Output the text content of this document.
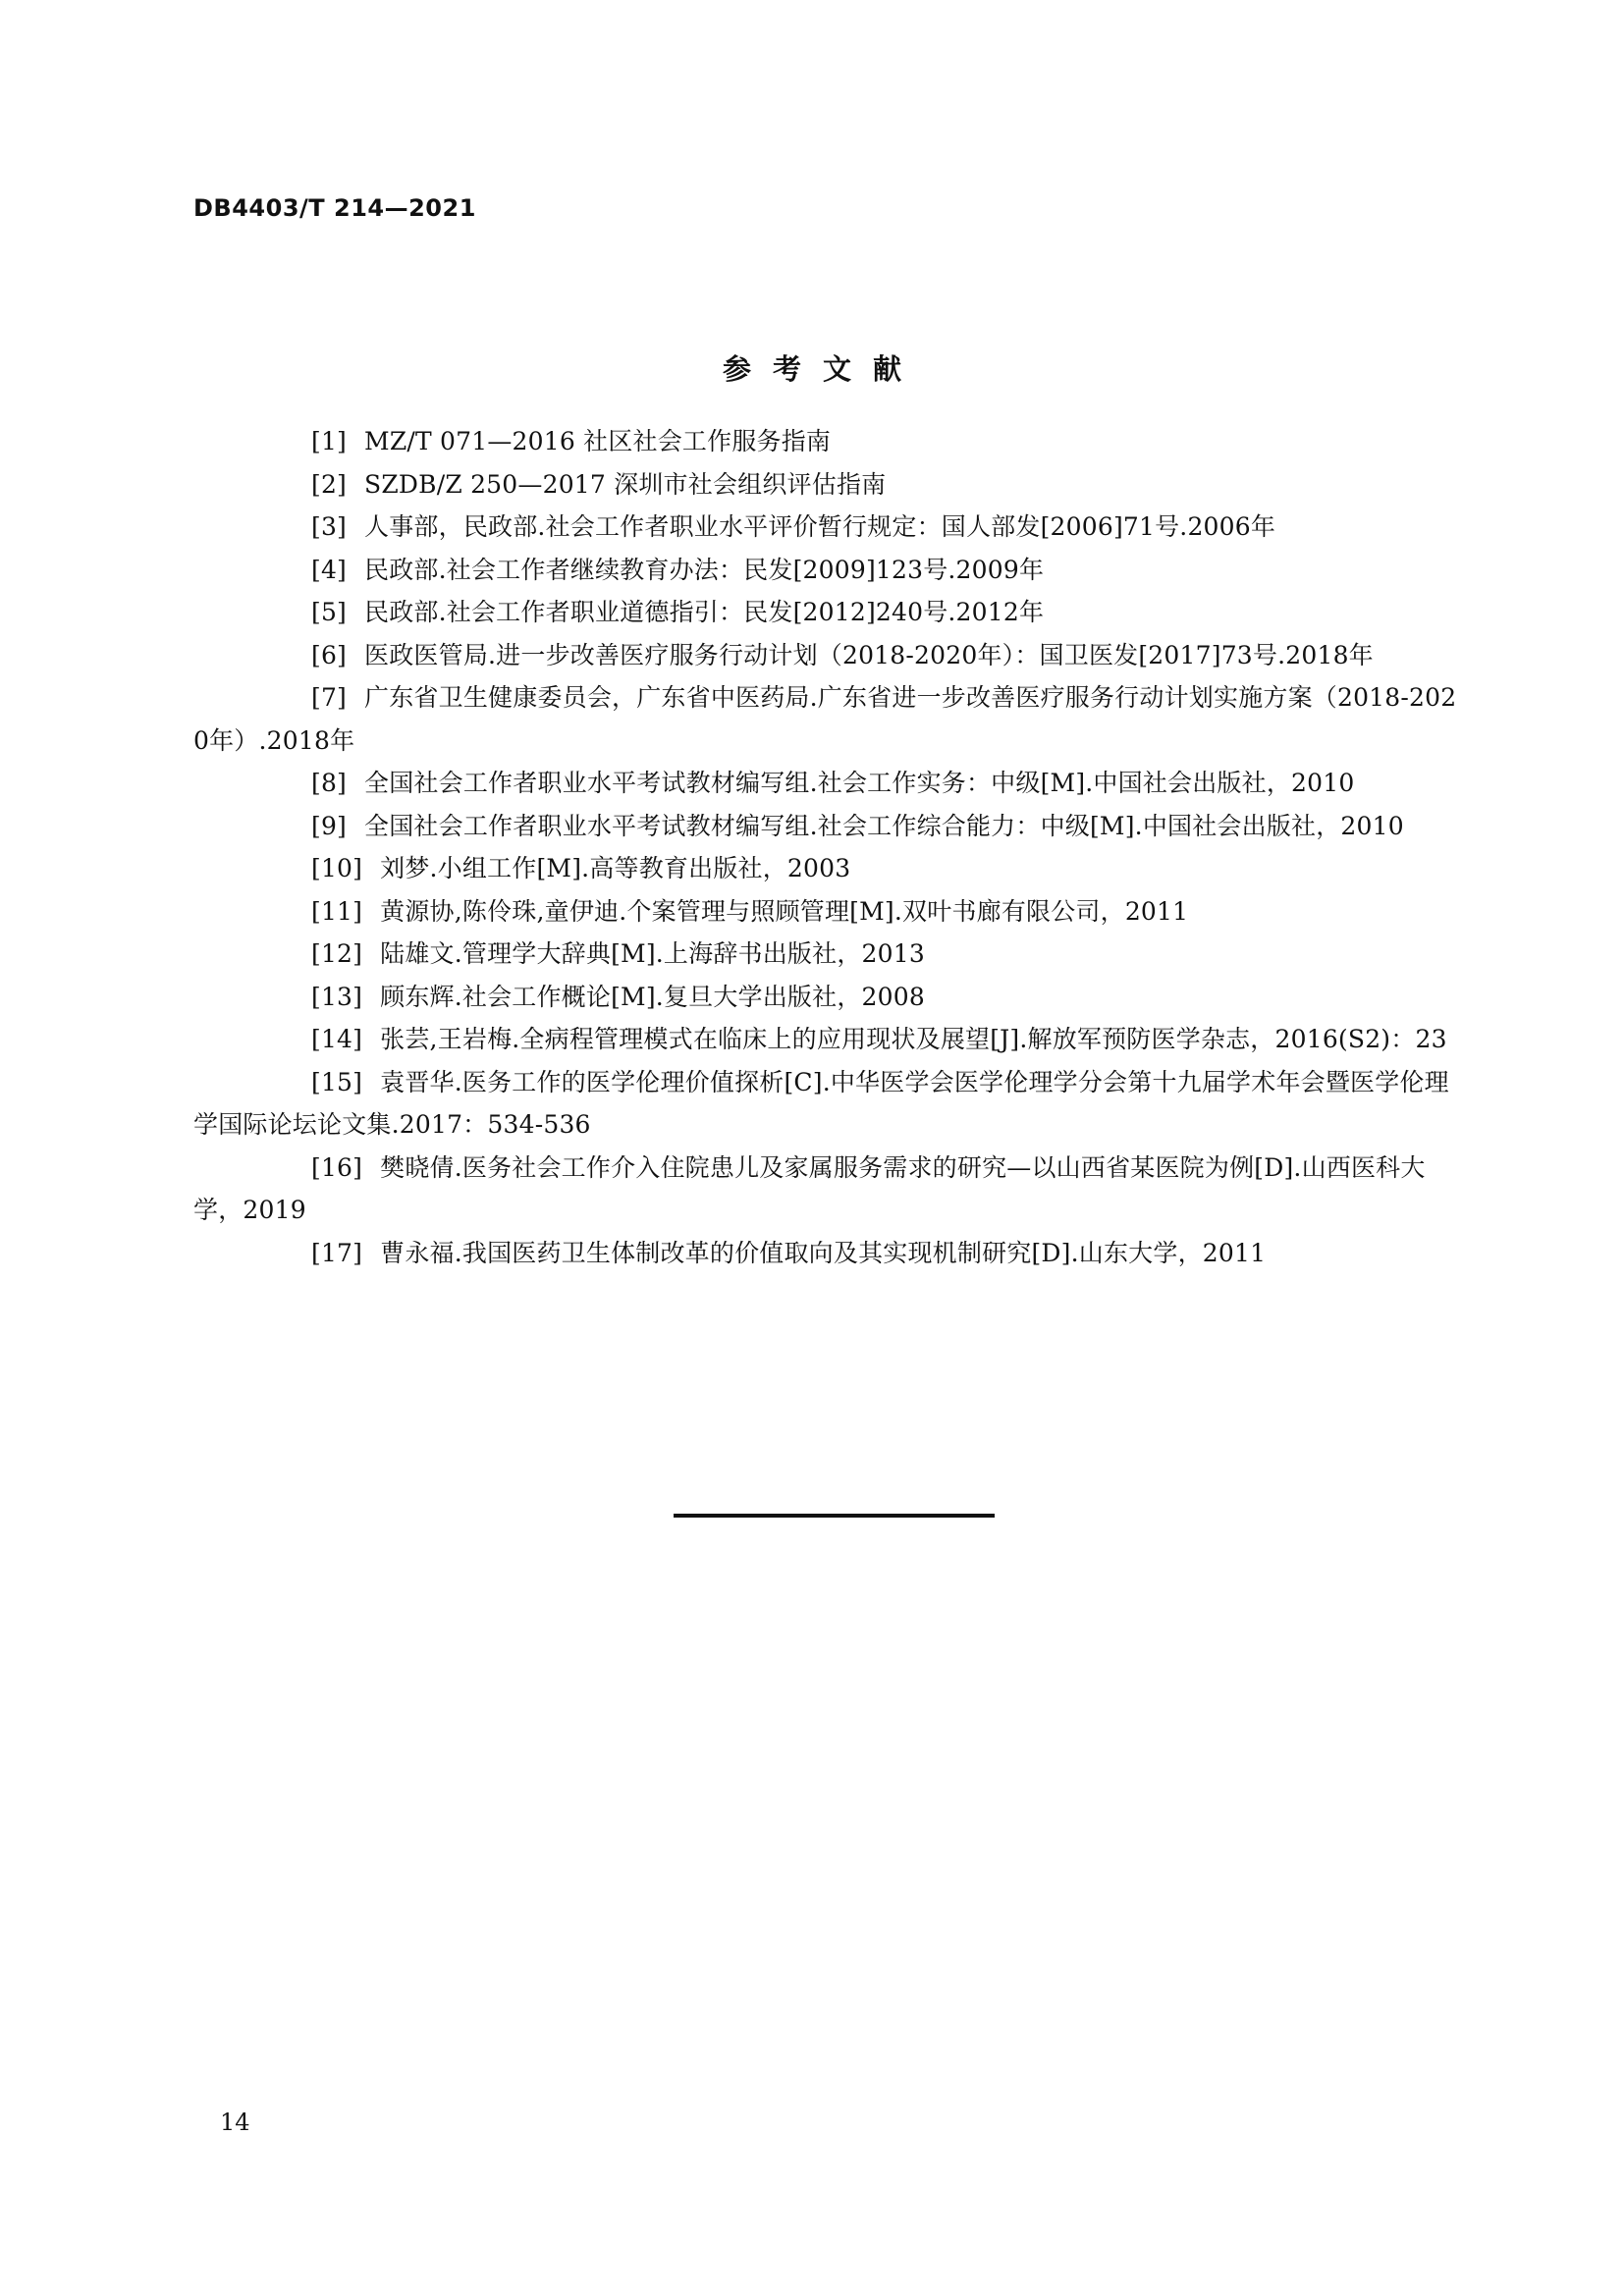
DB4403/T 214—2021
参考文献
[1] MZ/T 071—2016 社区社会工作服务指南
[2] SZDB/Z 250—2017 深圳市社会组织评估指南
[3] 人事部，民政部.社会工作者职业水平评价暂行规定：国人部发[2006]71号.2006年
[4] 民政部.社会工作者继续教育办法：民发[2009]123号.2009年
[5] 民政部.社会工作者职业道德指引：民发[2012]240号.2012年
[6] 医政医管局.进一步改善医疗服务行动计划（2018-2020年）：国卫医发[2017]73号.2018年
[7] 广东省卫生健康委员会，广东省中医药局.广东省进一步改善医疗服务行动计划实施方案（2018-2020年）.2018年
[8] 全国社会工作者职业水平考试教材编写组.社会工作实务：中级[M].中国社会出版社，2010
[9] 全国社会工作者职业水平考试教材编写组.社会工作综合能力：中级[M].中国社会出版社，2010
[10] 刘梦.小组工作[M].高等教育出版社，2003
[11] 黄源协,陈伶珠,童伊迪.个案管理与照顾管理[M].双叶书廊有限公司，2011
[12] 陆雄文.管理学大辞典[M].上海辞书出版社，2013
[13] 顾东辉.社会工作概论[M].复旦大学出版社，2008
[14] 张芸,王岩梅.全病程管理模式在临床上的应用现状及展望[J].解放军预防医学杂志，2016(S2)：23
[15] 袁晋华.医务工作的医学伦理价值探析[C].中华医学会医学伦理学分会第十九届学术年会暨医学伦理学国际论坛论文集.2017：534-536
[16] 樊晓倩.医务社会工作介入住院患儿及家属服务需求的研究—以山西省某医院为例[D].山西医科大学，2019
[17] 曹永福.我国医药卫生体制改革的价值取向及其实现机制研究[D].山东大学，2011
14
